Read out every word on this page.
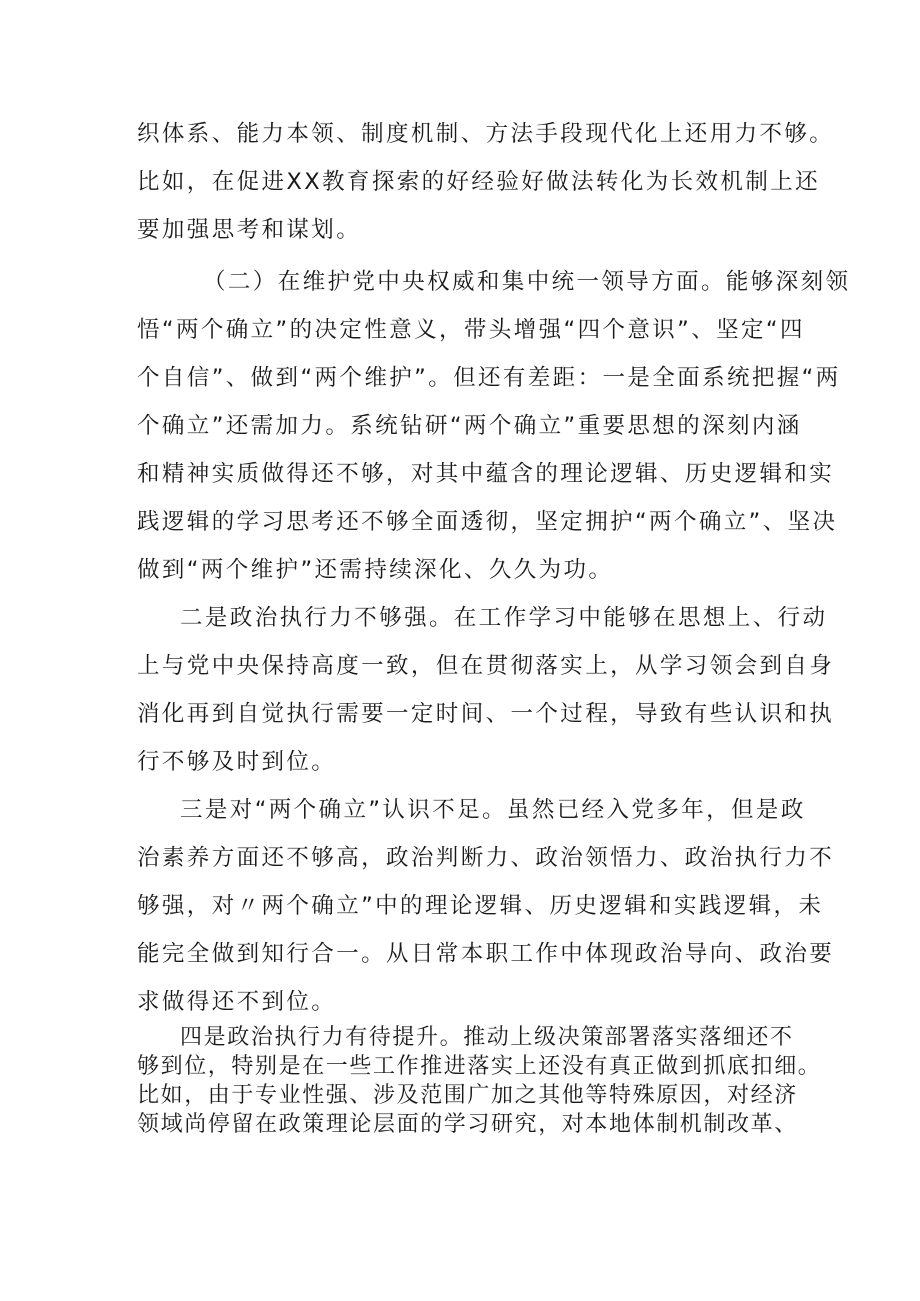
织体系、能力本领、制度机制、方法手段现代化上还用力不够。
比如，在促进XX教育探索的好经验好做法转化为长效机制上还
要加强思考和谋划。
（二）在维护党中央权威和集中统一领导方面。能够深刻领
悟“两个确立”的决定性意义，带头增强“四个意识”、坚定“四
个自信”、做到“两个维护”。但还有差距：一是全面系统把握“两
个确立”还需加力。系统钻研“两个确立”重要思想的深刻内涵
和精神实质做得还不够，对其中蕴含的理论逻辑、历史逻辑和实
践逻辑的学习思考还不够全面透彻，坚定拥护“两个确立”、坚决
做到“两个维护”还需持续深化、久久为功。
二是政治执行力不够强。在工作学习中能够在思想上、行动
上与党中央保持高度一致，但在贯彻落实上，从学习领会到自身
消化再到自觉执行需要一定时间、一个过程，导致有些认识和执
行不够及时到位。
三是对“两个确立”认识不足。虽然已经入党多年，但是政
治素养方面还不够高，政治判断力、政治领悟力、政治执行力不
够强，对〃两个确立”中的理论逻辑、历史逻辑和实践逻辑，未
能完全做到知行合一。从日常本职工作中体现政治导向、政治要
求做得还不到位。
四是政治执行力有待提升。推动上级决策部署落实落细还不
够到位，特别是在一些工作推进落实上还没有真正做到抓底扣细。
比如，由于专业性强、涉及范围广加之其他等特殊原因，对经济
领域尚停留在政策理论层面的学习研究，对本地体制机制改革、
